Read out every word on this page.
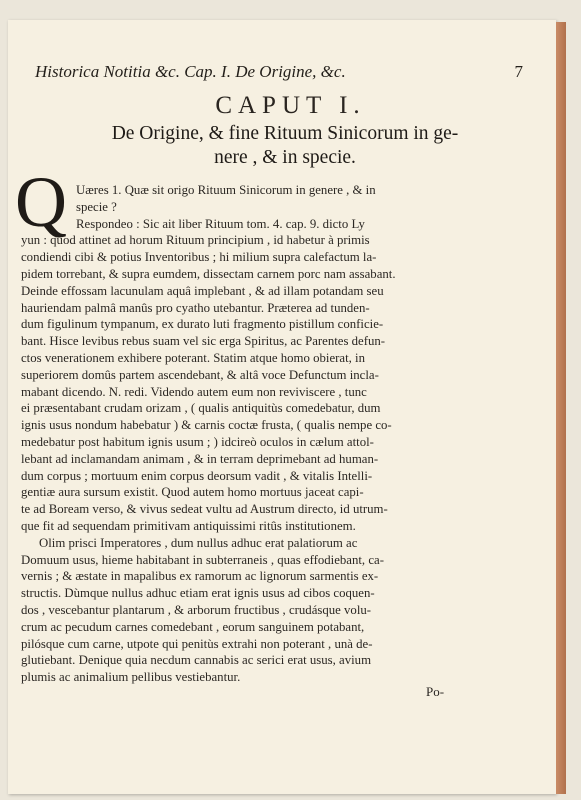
Historica Notitia &c. Cap. I. De Origine, &c.	7
CAPUT I.
De Origine, & fine Rituum Sinicorum in ge-
nere , & in specie.
Q Uæres 1. Quæ sit origo Rituum Sinicorum in genere , & in
specie ?
Respondeo : Sic ait liber Rituum tom. 4. cap. 9. dicto Ly
yun : quod attinet ad horum Rituum principium , id habetur à primis
condiendi cibi & potius Inventoribus ; hi milium supra calefactum la-
pidem torrebant, & supra eumdem, dissectam carnem porc nam assabant.
Deinde effossam lacunulam aquâ implebant , & ad illam potandam seu
hauriendam palmâ manûs pro cyatho utebantur. Præterea ad tunden-
dum figulinum tympanum, ex durato luti fragmento pistillum conficie-
bant. Hisce levibus rebus suam vel sic erga Spiritus, ac Parentes defun-
ctos venerationem exhibere poterant. Statim atque homo obierat, in
superiorem domûs partem ascendebant, & altâ voce Defunctum incla-
mabant dicendo. N. redi. Videndo autem eum non reviviscere , tunc
ei præsentabant crudam orizam , ( qualis antiquitùs comedebatur, dum
ignis usus nondum habebatur ) & carnis coctæ frusta, ( qualis nempe co-
medebatur post habitum ignis usum ; ) idcireò oculos in cælum attol-
lebant ad inclamandam animam , & in terram deprimebant ad human-
dum corpus ; mortuum enim corpus deorsum vadit , & vitalis Intelli-
gentiæ aura sursum existit. Quod autem homo mortuus jaceat capi-
te ad Boream verso, & vivus sedeat vultu ad Austrum directo, id utrum-
que fit ad sequendam primitivam antiquissimi ritûs institutionem.
Olim prisci Imperatores , dum nullus adhuc erat palatiorum ac
Domuum usus, hieme habitabant in subterraneis , quas effodiebant, ca-
vernis ; & æstate in mapalibus ex ramorum ac lignorum sarmentis ex-
structis. Dùmque nullus adhuc etiam erat ignis usus ad cibos coquen-
dos , vescebantur plantarum , & arborum fructibus , crudásque volu-
crum ac pecudum carnes comedebant , eorum sanguinem potabant,
pilósque cum carne, utpote qui penitùs extrahi non poterant , unà de-
glutiebant. Denique quia necdum cannabis ac serici erat usus, avium
plumis ac animalium pellibus vestiebantur.
Po-
